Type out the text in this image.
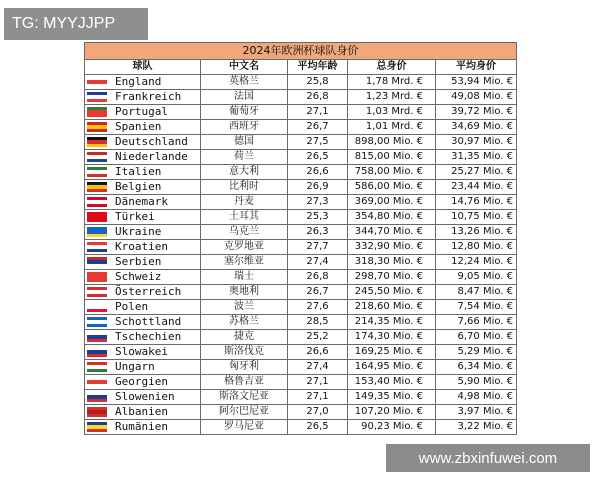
TG: MYYJJPP
2024年欧洲杯球队身价				
球队	中文名	平均年龄	总身价	平均身价

England	英格兰	25,8	1,78 Mrd. €	53,94 Mio. €

Frankreich	法国	26,8	1,23 Mrd. €	49,08 Mio. €

Portugal	葡萄牙	27,1	1,03 Mrd. €	39,72 Mio. €

Spanien	西班牙	26,7	1,01 Mrd. €	34,69 Mio. €

Deutschland	德国	27,5	898,00 Mio. €	30,97 Mio. €

Niederlande	荷兰	26,5	815,00 Mio. €	31,35 Mio. €

Italien	意大利	26,6	758,00 Mio. €	25,27 Mio. €

Belgien	比利时	26,9	586,00 Mio. €	23,44 Mio. €

Dänemark	丹麦	27,3	369,00 Mio. €	14,76 Mio. €

Türkei	土耳其	25,3	354,80 Mio. €	10,75 Mio. €

Ukraine	乌克兰	26,3	344,70 Mio. €	13,26 Mio. €

Kroatien	克罗地亚	27,7	332,90 Mio. €	12,80 Mio. €

Serbien	塞尔维亚	27,4	318,30 Mio. €	12,24 Mio. €

Schweiz	瑞士	26,8	298,70 Mio. €	9,05 Mio. €

Österreich	奥地利	26,7	245,50 Mio. €	8,47 Mio. €

Polen	波兰	27,6	218,60 Mio. €	7,54 Mio. €

Schottland	苏格兰	28,5	214,35 Mio. €	7,66 Mio. €

Tschechien	捷克	25,2	174,30 Mio. €	6,70 Mio. €

Slowakei	斯洛伐克	26,6	169,25 Mio. €	5,29 Mio. €

Ungarn	匈牙利	27,4	164,95 Mio. €	6,34 Mio. €

Georgien	格鲁吉亚	27,1	153,40 Mio. €	5,90 Mio. €

Slowenien	斯洛文尼亚	27,1	149,35 Mio. €	4,98 Mio. €

Albanien	阿尔巴尼亚	27,0	107,20 Mio. €	3,97 Mio. €

Rumänien	罗马尼亚	26,5	90,23 Mio. €	3,22 Mio. €
www.zbxinfuwei.com
